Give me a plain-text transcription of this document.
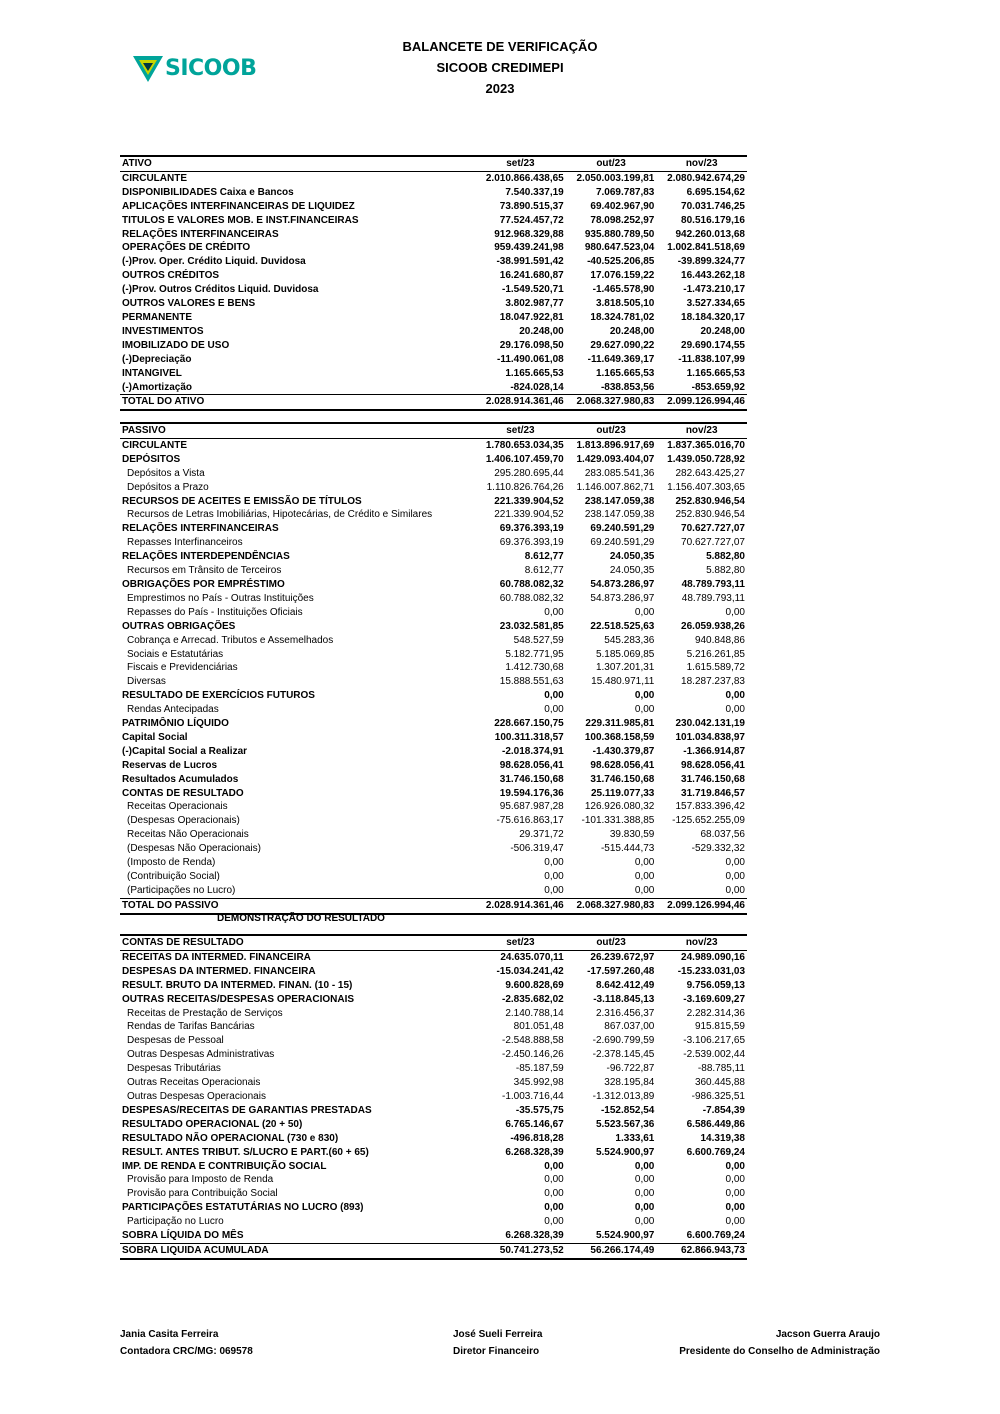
SICOOB
BALANCETE DE VERIFICAÇÃO
SICOOB CREDIMEPI
2023
ATIVO	set/23	out/23	nov/23
CIRCULANTE	2.010.866.438,65	2.050.003.199,81	2.080.942.674,29
DISPONIBILIDADES Caixa e Bancos	7.540.337,19	7.069.787,83	6.695.154,62
APLICAÇÕES INTERFINANCEIRAS DE LIQUIDEZ	73.890.515,37	69.402.967,90	70.031.746,25
TITULOS E VALORES MOB. E INST.FINANCEIRAS	77.524.457,72	78.098.252,97	80.516.179,16
RELAÇÕES INTERFINANCEIRAS	912.968.329,88	935.880.789,50	942.260.013,68
OPERAÇÕES DE CRÉDITO	959.439.241,98	980.647.523,04	1.002.841.518,69
(-)Prov. Oper. Crédito Liquid. Duvidosa	-38.991.591,42	-40.525.206,85	-39.899.324,77
OUTROS CRÉDITOS	16.241.680,87	17.076.159,22	16.443.262,18
(-)Prov. Outros Créditos Liquid. Duvidosa	-1.549.520,71	-1.465.578,90	-1.473.210,17
OUTROS VALORES E BENS	3.802.987,77	3.818.505,10	3.527.334,65
PERMANENTE	18.047.922,81	18.324.781,02	18.184.320,17
INVESTIMENTOS	20.248,00	20.248,00	20.248,00
IMOBILIZADO DE USO	29.176.098,50	29.627.090,22	29.690.174,55
(-)Depreciação	-11.490.061,08	-11.649.369,17	-11.838.107,99
INTANGIVEL	1.165.665,53	1.165.665,53	1.165.665,53
(-)Amortização	-824.028,14	-838.853,56	-853.659,92
TOTAL DO ATIVO	2.028.914.361,46	2.068.327.980,83	2.099.126.994,46
PASSIVO	set/23	out/23	nov/23
CIRCULANTE	1.780.653.034,35	1.813.896.917,69	1.837.365.016,70
DEPÓSITOS	1.406.107.459,70	1.429.093.404,07	1.439.050.728,92
Depósitos a Vista	295.280.695,44	283.085.541,36	282.643.425,27
Depósitos a Prazo	1.110.826.764,26	1.146.007.862,71	1.156.407.303,65
RECURSOS DE ACEITES E EMISSÃO DE TÍTULOS	221.339.904,52	238.147.059,38	252.830.946,54
Recursos de Letras Imobiliárias, Hipotecárias, de Crédito e Similares	221.339.904,52	238.147.059,38	252.830.946,54
RELAÇÕES INTERFINANCEIRAS	69.376.393,19	69.240.591,29	70.627.727,07
Repasses Interfinanceiros	69.376.393,19	69.240.591,29	70.627.727,07
RELAÇÕES INTERDEPENDÊNCIAS	8.612,77	24.050,35	5.882,80
Recursos em Trânsito de Terceiros	8.612,77	24.050,35	5.882,80
OBRIGAÇÕES POR EMPRÉSTIMO	60.788.082,32	54.873.286,97	48.789.793,11
Emprestimos no País - Outras Instituições	60.788.082,32	54.873.286,97	48.789.793,11
Repasses do País - Instituições Oficiais	0,00	0,00	0,00
OUTRAS OBRIGAÇÕES	23.032.581,85	22.518.525,63	26.059.938,26
Cobrança e Arrecad. Tributos e Assemelhados	548.527,59	545.283,36	940.848,86
Sociais e Estatutárias	5.182.771,95	5.185.069,85	5.216.261,85
Fiscais e Previdenciárias	1.412.730,68	1.307.201,31	1.615.589,72
Diversas	15.888.551,63	15.480.971,11	18.287.237,83
RESULTADO DE EXERCÍCIOS FUTUROS	0,00	0,00	0,00
Rendas Antecipadas	0,00	0,00	0,00
PATRIMÔNIO LÍQUIDO	228.667.150,75	229.311.985,81	230.042.131,19
Capital Social	100.311.318,57	100.368.158,59	101.034.838,97
(-)Capital Social a Realizar	-2.018.374,91	-1.430.379,87	-1.366.914,87
Reservas de Lucros	98.628.056,41	98.628.056,41	98.628.056,41
Resultados Acumulados	31.746.150,68	31.746.150,68	31.746.150,68
CONTAS DE RESULTADO	19.594.176,36	25.119.077,33	31.719.846,57
Receitas Operacionais	95.687.987,28	126.926.080,32	157.833.396,42
(Despesas Operacionais)	-75.616.863,17	-101.331.388,85	-125.652.255,09
Receitas Não Operacionais	29.371,72	39.830,59	68.037,56
(Despesas Não Operacionais)	-506.319,47	-515.444,73	-529.332,32
(Imposto de Renda)	0,00	0,00	0,00
(Contribuição Social)	0,00	0,00	0,00
(Participações no Lucro)	0,00	0,00	0,00
TOTAL DO PASSIVO	2.028.914.361,46	2.068.327.980,83	2.099.126.994,46
DEMONSTRAÇÃO DO RESULTADO
CONTAS DE RESULTADO	set/23	out/23	nov/23
RECEITAS DA INTERMED. FINANCEIRA	24.635.070,11	26.239.672,97	24.989.090,16
DESPESAS DA INTERMED. FINANCEIRA	-15.034.241,42	-17.597.260,48	-15.233.031,03
RESULT. BRUTO DA INTERMED. FINAN. (10 - 15)	9.600.828,69	8.642.412,49	9.756.059,13
OUTRAS RECEITAS/DESPESAS OPERACIONAIS	-2.835.682,02	-3.118.845,13	-3.169.609,27
Receitas de Prestação de Serviços	2.140.788,14	2.316.456,37	2.282.314,36
Rendas de Tarifas Bancárias	801.051,48	867.037,00	915.815,59
Despesas de Pessoal	-2.548.888,58	-2.690.799,59	-3.106.217,65
Outras Despesas Administrativas	-2.450.146,26	-2.378.145,45	-2.539.002,44
Despesas Tributárias	-85.187,59	-96.722,87	-88.785,11
Outras Receitas Operacionais	345.992,98	328.195,84	360.445,88
Outras Despesas Operacionais	-1.003.716,44	-1.312.013,89	-986.325,51
DESPESAS/RECEITAS DE GARANTIAS PRESTADAS	-35.575,75	-152.852,54	-7.854,39
RESULTADO OPERACIONAL (20 + 50)	6.765.146,67	5.523.567,36	6.586.449,86
RESULTADO NÃO OPERACIONAL (730 e 830)	-496.818,28	1.333,61	14.319,38
RESULT. ANTES TRIBUT. S/LUCRO E PART.(60 + 65)	6.268.328,39	5.524.900,97	6.600.769,24
IMP. DE RENDA E CONTRIBUIÇÃO SOCIAL	0,00	0,00	0,00
Provisão para Imposto de Renda	0,00	0,00	0,00
Provisão para Contribuição Social	0,00	0,00	0,00
PARTICIPAÇÕES ESTATUTÁRIAS NO LUCRO (893)	0,00	0,00	0,00
Participação no Lucro	0,00	0,00	0,00
SOBRA LÍQUIDA DO MÊS	6.268.328,39	5.524.900,97	6.600.769,24
SOBRA LIQUIDA ACUMULADA	50.741.273,52	56.266.174,49	62.866.943,73
Jania Casita Ferreira
Contadora CRC/MG: 069578
José Sueli Ferreira
Diretor Financeiro
Jacson Guerra Araujo
Presidente do Conselho de Administração
